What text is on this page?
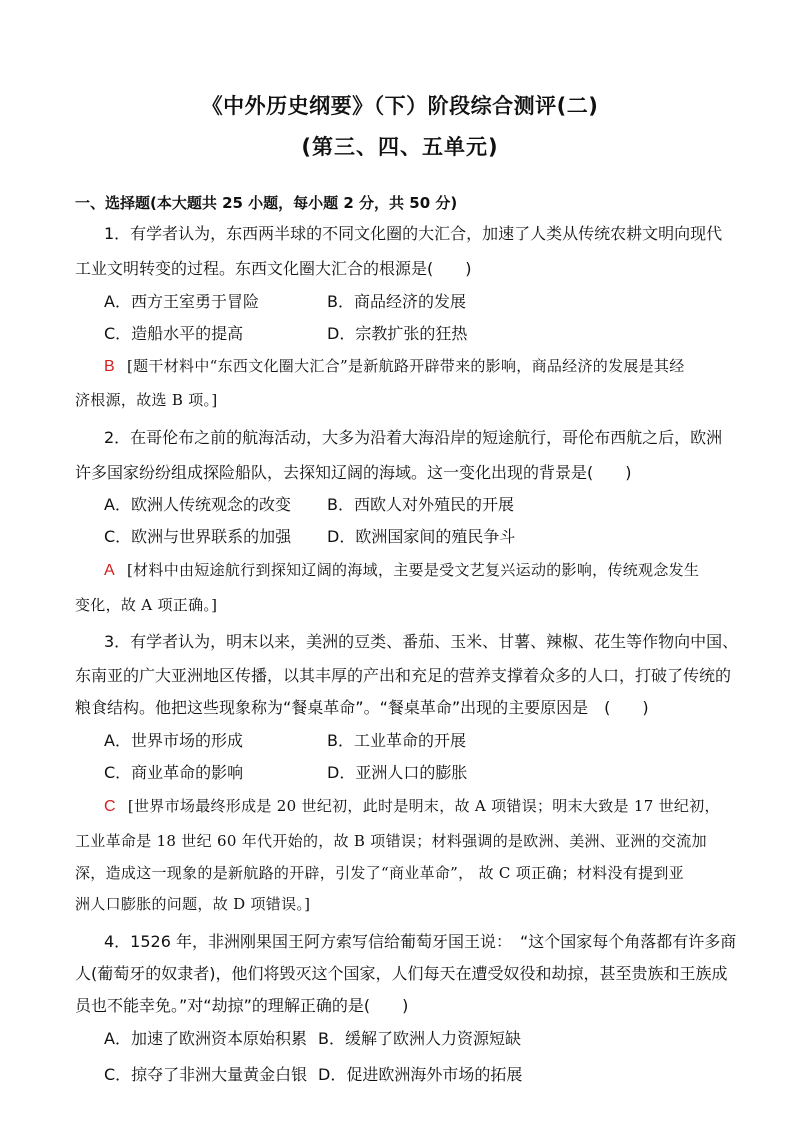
《中外历史纲要》（下）阶段综合测评(二)
(第三、四、五单元)
一、选择题(本大题共 25 小题，每小题 2 分，共 50 分)
1．有学者认为，东西两半球的不同文化圈的大汇合，加速了人类从传统农耕文明向现代
工业文明转变的过程。东西文化圈大汇合的根源是(　　)
A．西方王室勇于冒险	B．商品经济的发展
C．造船水平的提高	D．宗教扩张的狂热
B [题干材料中“东西文化圈大汇合”是新航路开辟带来的影响，商品经济的发展是其经
济根源，故选 B 项。]
2．在哥伦布之前的航海活动，大多为沿着大海沿岸的短途航行，哥伦布西航之后，欧洲
许多国家纷纷组成探险船队，去探知辽阔的海域。这一变化出现的背景是(　　)
A．欧洲人传统观念的改变 B．西欧人对外殖民的开展
C．欧洲与世界联系的加强 D．欧洲国家间的殖民争斗
A [材料中由短途航行到探知辽阔的海域，主要是受文艺复兴运动的影响，传统观念发生
变化，故 A 项正确。]
3．有学者认为，明末以来，美洲的豆类、番茄、玉米、甘薯、辣椒、花生等作物向中国、
东南亚的广大亚洲地区传播，以其丰厚的产出和充足的营养支撑着众多的人口，打破了传统的
粮食结构。他把这些现象称为“餐桌革命”。“餐桌革命”出现的主要原因是　(　　)
A．世界市场的形成	B．工业革命的开展
C．商业革命的影响	D．亚洲人口的膨胀
C [世界市场最终形成是 20 世纪初，此时是明末，故 A 项错误；明末大致是 17 世纪初，
工业革命是 18 世纪 60 年代开始的，故 B 项错误；材料强调的是欧洲、美洲、亚洲的交流加
深，造成这一现象的是新航路的开辟，引发了“商业革命”， 故 C 项正确；材料没有提到亚
洲人口膨胀的问题，故 D 项错误。]
4．1526 年，非洲刚果国王阿方索写信给葡萄牙国王说：　“这个国家每个角落都有许多商
人(葡萄牙的奴隶者)，他们将毁灭这个国家，人们每天在遭受奴役和劫掠，甚至贵族和王族成
员也不能幸免。”对“劫掠”的理解正确的是(　　)
A．加速了欧洲资本原始积累 B．缓解了欧洲人力资源短缺
C．掠夺了非洲大量黄金白银 D．促进欧洲海外市场的拓展
